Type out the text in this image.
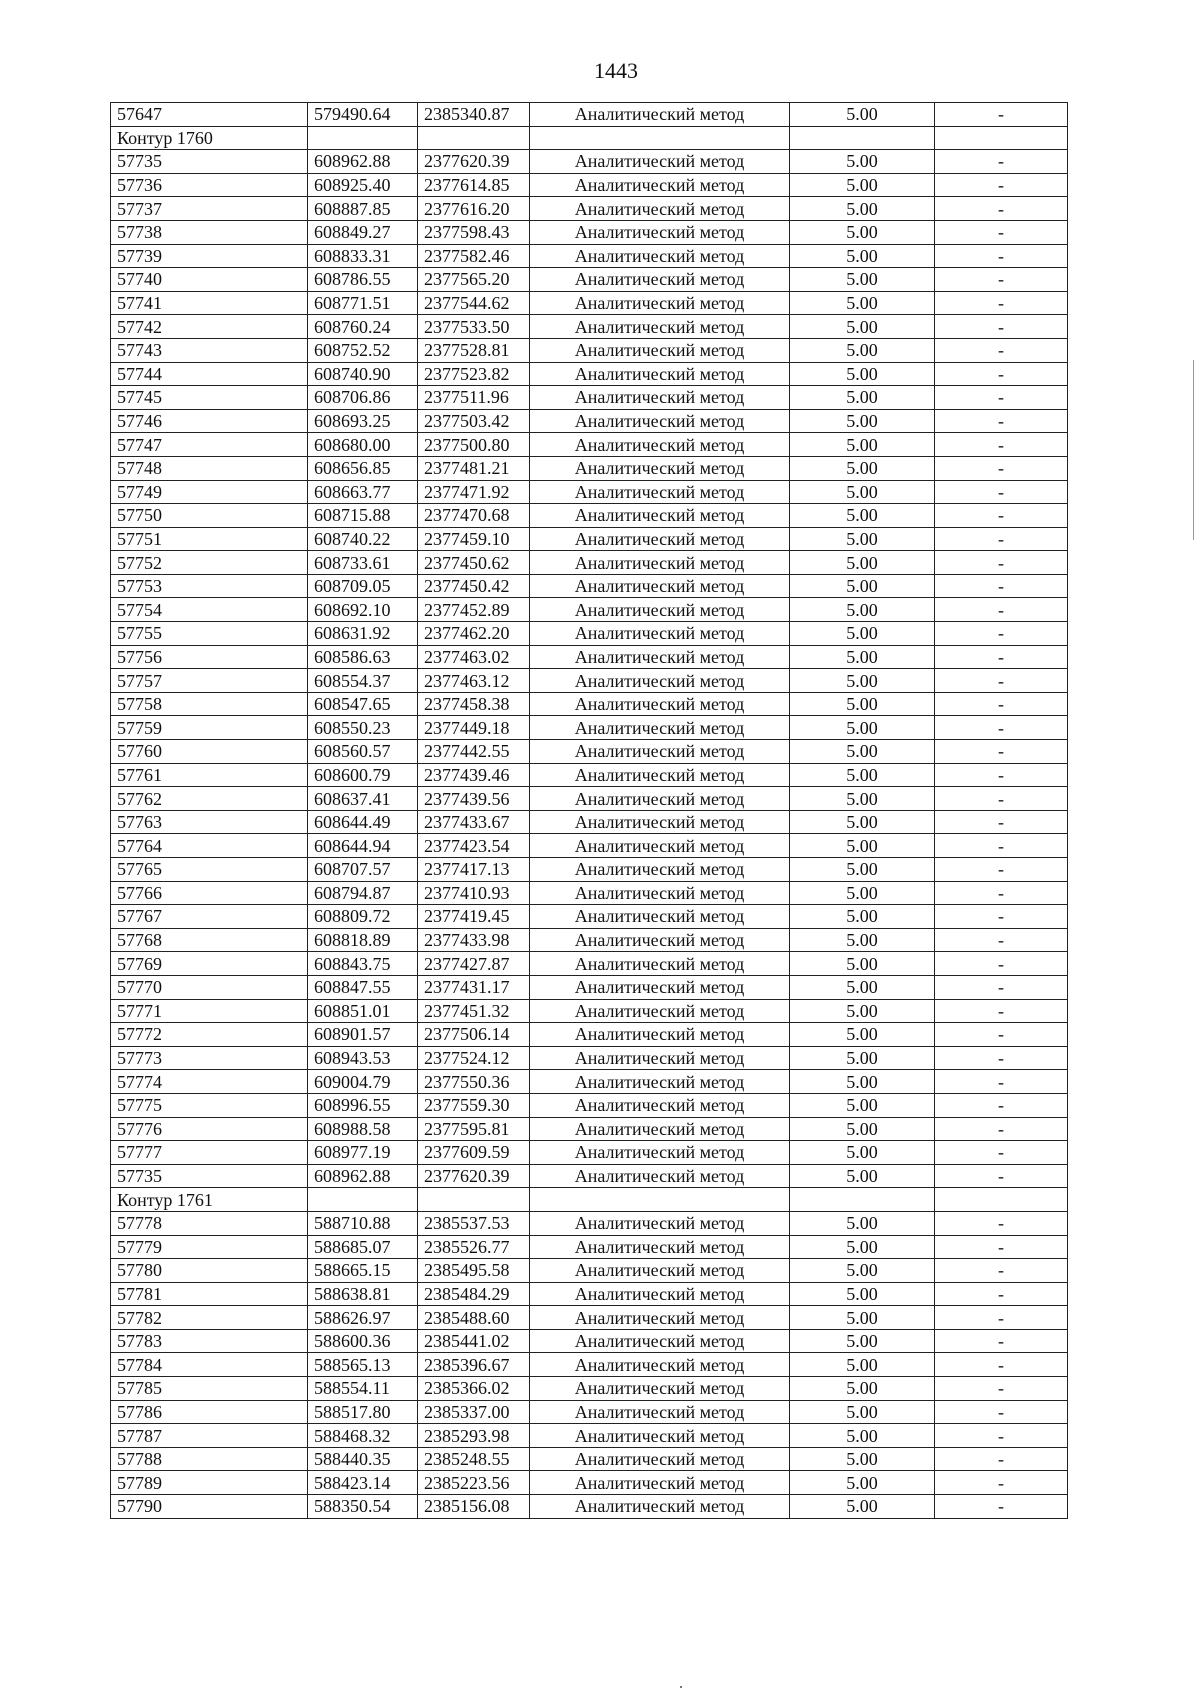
1443
57647	579490.64	2385340.87	Аналитический метод	5.00	-
Контур 1760					
57735	608962.88	2377620.39	Аналитический метод	5.00	-
57736	608925.40	2377614.85	Аналитический метод	5.00	-
57737	608887.85	2377616.20	Аналитический метод	5.00	-
57738	608849.27	2377598.43	Аналитический метод	5.00	-
57739	608833.31	2377582.46	Аналитический метод	5.00	-
57740	608786.55	2377565.20	Аналитический метод	5.00	-
57741	608771.51	2377544.62	Аналитический метод	5.00	-
57742	608760.24	2377533.50	Аналитический метод	5.00	-
57743	608752.52	2377528.81	Аналитический метод	5.00	-
57744	608740.90	2377523.82	Аналитический метод	5.00	-
57745	608706.86	2377511.96	Аналитический метод	5.00	-
57746	608693.25	2377503.42	Аналитический метод	5.00	-
57747	608680.00	2377500.80	Аналитический метод	5.00	-
57748	608656.85	2377481.21	Аналитический метод	5.00	-
57749	608663.77	2377471.92	Аналитический метод	5.00	-
57750	608715.88	2377470.68	Аналитический метод	5.00	-
57751	608740.22	2377459.10	Аналитический метод	5.00	-
57752	608733.61	2377450.62	Аналитический метод	5.00	-
57753	608709.05	2377450.42	Аналитический метод	5.00	-
57754	608692.10	2377452.89	Аналитический метод	5.00	-
57755	608631.92	2377462.20	Аналитический метод	5.00	-
57756	608586.63	2377463.02	Аналитический метод	5.00	-
57757	608554.37	2377463.12	Аналитический метод	5.00	-
57758	608547.65	2377458.38	Аналитический метод	5.00	-
57759	608550.23	2377449.18	Аналитический метод	5.00	-
57760	608560.57	2377442.55	Аналитический метод	5.00	-
57761	608600.79	2377439.46	Аналитический метод	5.00	-
57762	608637.41	2377439.56	Аналитический метод	5.00	-
57763	608644.49	2377433.67	Аналитический метод	5.00	-
57764	608644.94	2377423.54	Аналитический метод	5.00	-
57765	608707.57	2377417.13	Аналитический метод	5.00	-
57766	608794.87	2377410.93	Аналитический метод	5.00	-
57767	608809.72	2377419.45	Аналитический метод	5.00	-
57768	608818.89	2377433.98	Аналитический метод	5.00	-
57769	608843.75	2377427.87	Аналитический метод	5.00	-
57770	608847.55	2377431.17	Аналитический метод	5.00	-
57771	608851.01	2377451.32	Аналитический метод	5.00	-
57772	608901.57	2377506.14	Аналитический метод	5.00	-
57773	608943.53	2377524.12	Аналитический метод	5.00	-
57774	609004.79	2377550.36	Аналитический метод	5.00	-
57775	608996.55	2377559.30	Аналитический метод	5.00	-
57776	608988.58	2377595.81	Аналитический метод	5.00	-
57777	608977.19	2377609.59	Аналитический метод	5.00	-
57735	608962.88	2377620.39	Аналитический метод	5.00	-
Контур 1761					
57778	588710.88	2385537.53	Аналитический метод	5.00	-
57779	588685.07	2385526.77	Аналитический метод	5.00	-
57780	588665.15	2385495.58	Аналитический метод	5.00	-
57781	588638.81	2385484.29	Аналитический метод	5.00	-
57782	588626.97	2385488.60	Аналитический метод	5.00	-
57783	588600.36	2385441.02	Аналитический метод	5.00	-
57784	588565.13	2385396.67	Аналитический метод	5.00	-
57785	588554.11	2385366.02	Аналитический метод	5.00	-
57786	588517.80	2385337.00	Аналитический метод	5.00	-
57787	588468.32	2385293.98	Аналитический метод	5.00	-
57788	588440.35	2385248.55	Аналитический метод	5.00	-
57789	588423.14	2385223.56	Аналитический метод	5.00	-
57790	588350.54	2385156.08	Аналитический метод	5.00	-
